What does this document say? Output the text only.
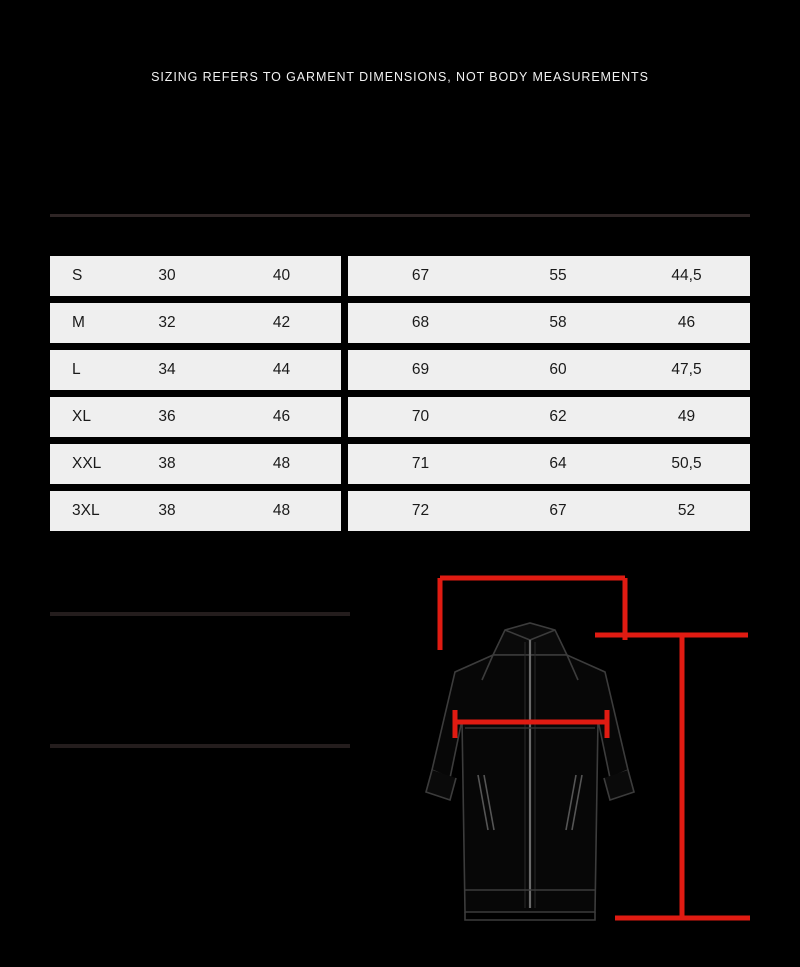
SIZING REFERS TO GARMENT DIMENSIONS, NOT BODY MEASUREMENTS
S	30	40	67	55	44,5
M	32	42	68	58	46
L	34	44	69	60	47,5
XL	36	46	70	62	49
XXL	38	48	71	64	50,5
3XL	38	48	72	67	52
